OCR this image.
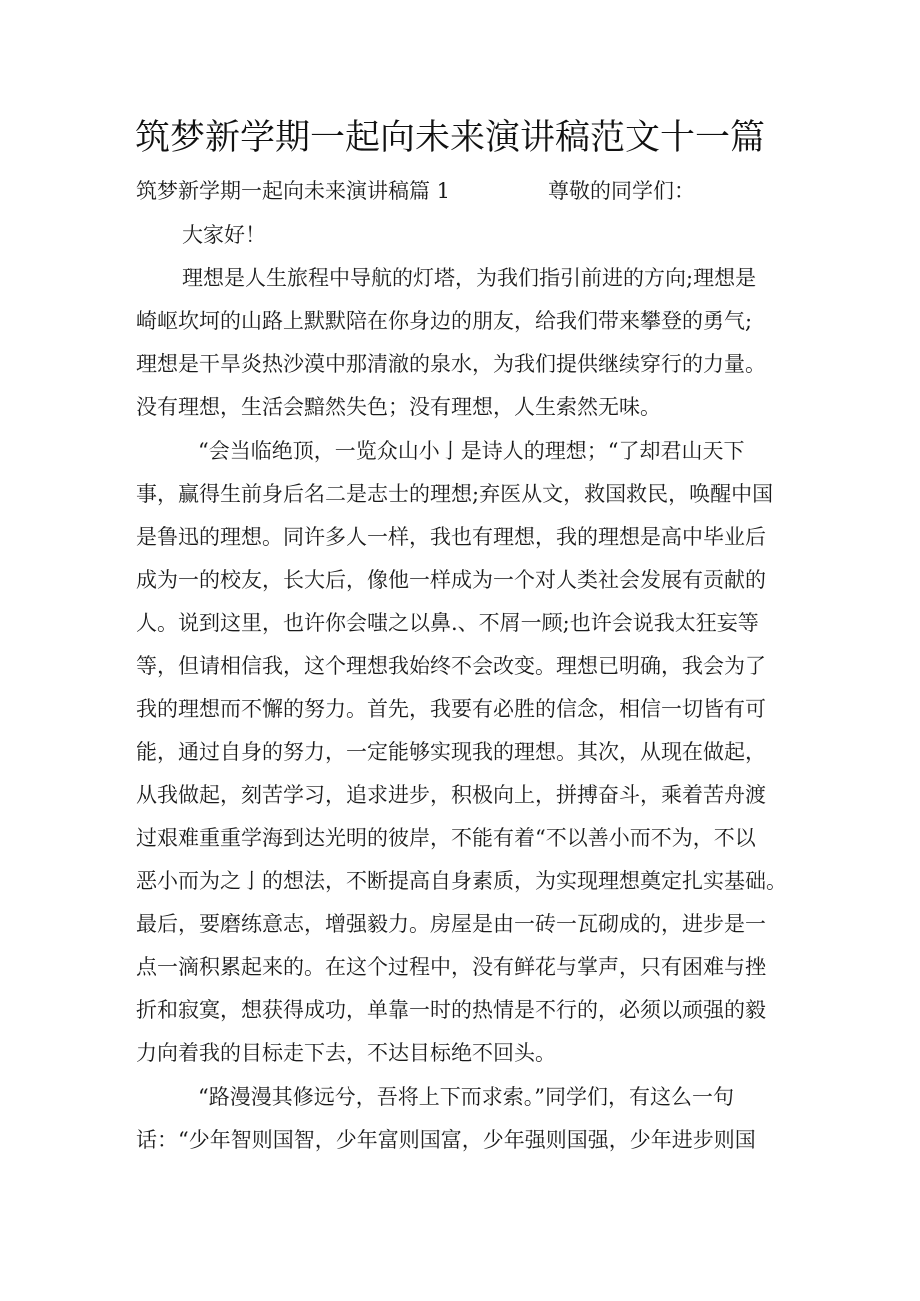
筑梦新学期一起向未来演讲稿范文十一篇
筑梦新学期一起向未来演讲稿篇 1	尊敬的同学们：
大家好！
理想是人生旅程中导航的灯塔，为我们指引前进的方向;理想是
崎岖坎坷的山路上默默陪在你身边的朋友，给我们带来攀登的勇气;
理想是干旱炎热沙漠中那清澈的泉水，为我们提供继续穿行的力量。
没有理想，生活会黯然失色；没有理想，人生索然无味。
“会当临绝顶，一览众山小亅是诗人的理想；“了却君山天下
事，赢得生前身后名二是志士的理想;弃医从文，救国救民，唤醒中国
是鲁迅的理想。同许多人一样，我也有理想，我的理想是高中毕业后
成为一的校友，长大后，像他一样成为一个对人类社会发展有贡献的
人。说到这里，也许你会嗤之以鼻.、不屑一顾;也许会说我太狂妄等
等，但请相信我，这个理想我始终不会改变。理想已明确，我会为了
我的理想而不懈的努力。首先，我要有必胜的信念，相信一切皆有可
能，通过自身的努力，一定能够实现我的理想。其次，从现在做起，
从我做起，刻苦学习，追求进步，积极向上，拼搏奋斗，乘着苦舟渡
过艰难重重学海到达光明的彼岸，不能有着“不以善小而不为，不以
恶小而为之亅的想法，不断提高自身素质，为实现理想奠定扎实基础。
最后，要磨练意志，增强毅力。房屋是由一砖一瓦砌成的，进步是一
点一滴积累起来的。在这个过程中，没有鲜花与掌声，只有困难与挫
折和寂寞，想获得成功，单靠一时的热情是不行的，必须以顽强的毅
力向着我的目标走下去，不达目标绝不回头。
“路漫漫其修远兮，吾将上下而求索。”同学们，有这么一句
话：“少年智则国智，少年富则国富，少年强则国强，少年进步则国
